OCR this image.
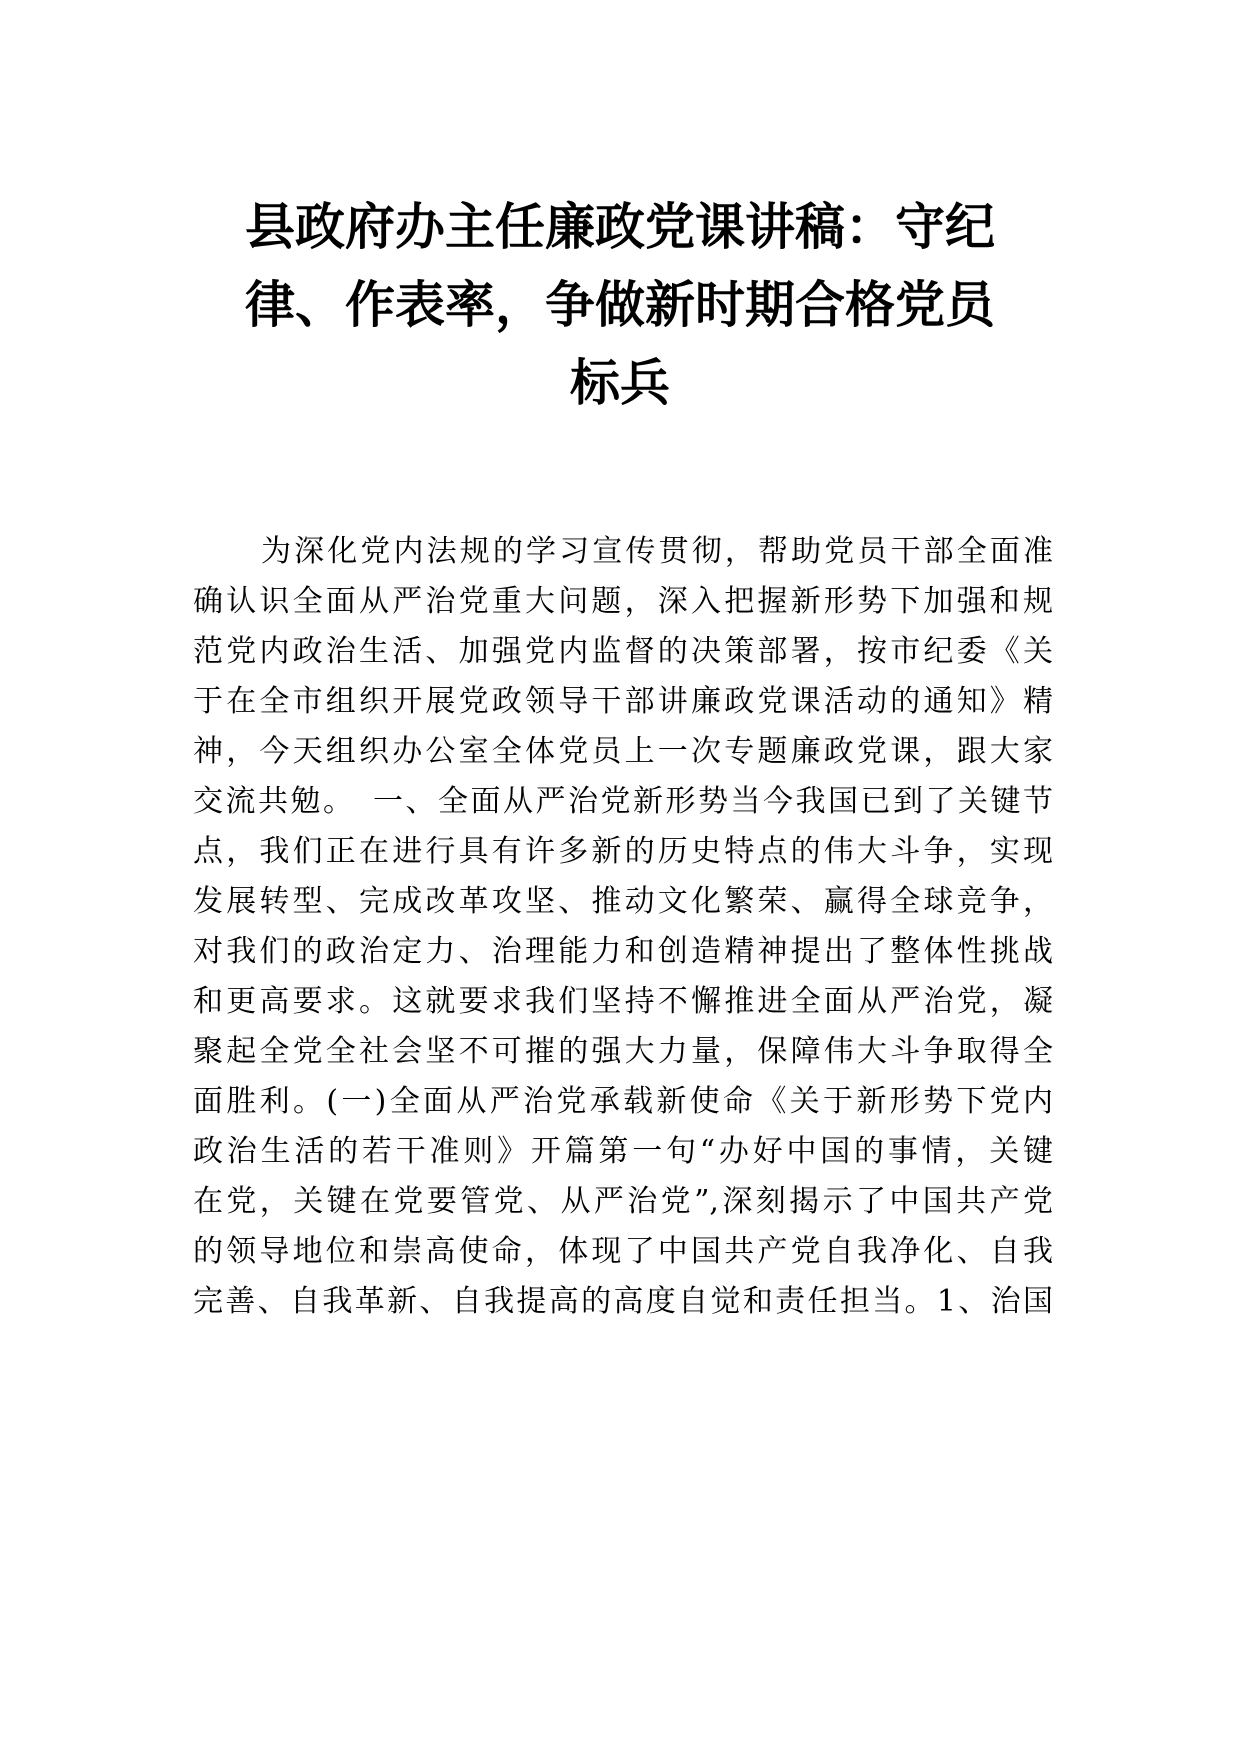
县政府办主任廉政党课讲稿：守纪
律、作表率，争做新时期合格党员
标兵
为深化党内法规的学习宣传贯彻，帮助党员干部全面准
确认识全面从严治党重大问题，深入把握新形势下加强和规
范党内政治生活、加强党内监督的决策部署，按市纪委《关
于在全市组织开展党政领导干部讲廉政党课活动的通知》精
神，今天组织办公室全体党员上一次专题廉政党课，跟大家
交流共勉。　一、全面从严治党新形势当今我国已到了关键节
点，我们正在进行具有许多新的历史特点的伟大斗争，实现
发展转型、完成改革攻坚、推动文化繁荣、赢得全球竞争，
对我们的政治定力、治理能力和创造精神提出了整体性挑战
和更高要求。这就要求我们坚持不懈推进全面从严治党，凝
聚起全党全社会坚不可摧的强大力量，保障伟大斗争取得全
面胜利。(一)全面从严治党承载新使命《关于新形势下党内
政治生活的若干准则》开篇第一句“办好中国的事情，关键
在党，关键在党要管党、从严治党”,深刻揭示了中国共产党
的领导地位和崇高使命，体现了中国共产党自我净化、自我
完善、自我革新、自我提高的高度自觉和责任担当。1、治国
